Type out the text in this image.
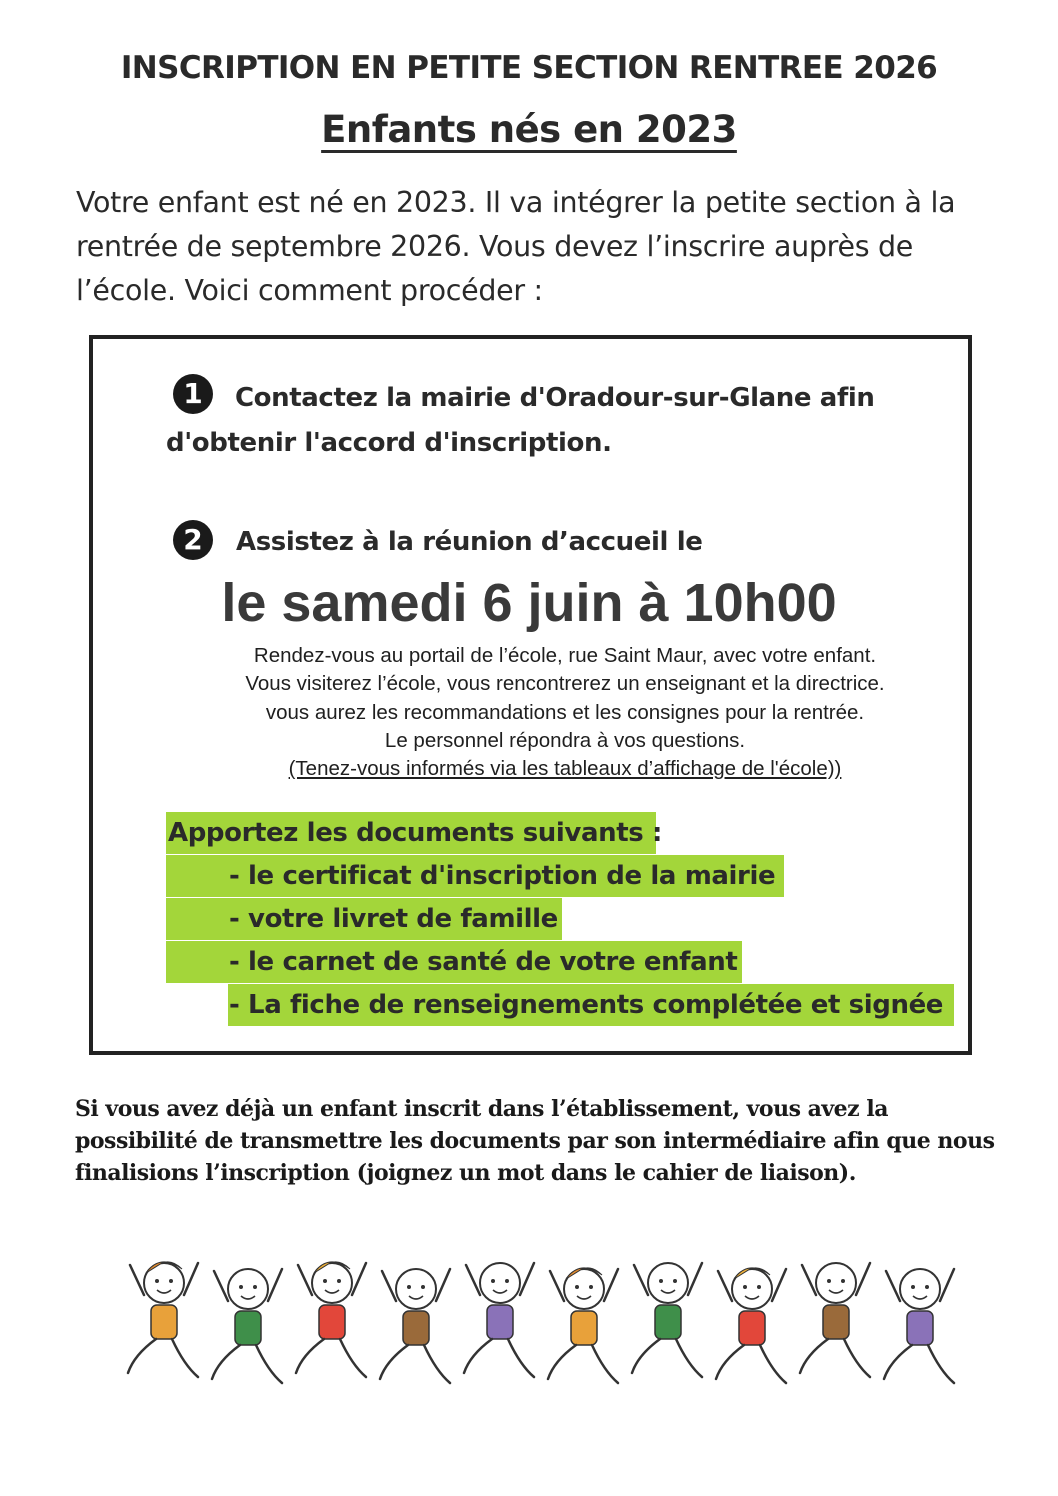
INSCRIPTION EN PETITE SECTION RENTREE 2026
Enfants nés en 2023
Votre enfant est né en 2023. Il va intégrer la petite section à la
rentrée de septembre 2026. Vous devez l’inscrire auprès de
l’école. Voici comment procéder :
1	Contactez la mairie d'Oradour-sur-Glane afin
d'obtenir l'accord d'inscription.
2	Assistez à la réunion d’accueil le
le samedi 6 juin à 10h00
Rendez-vous au portail de l’école, rue Saint Maur, avec votre enfant.
Vous visiterez l’école, vous rencontrerez un enseignant et la directrice.
vous aurez les recommandations et les consignes pour la rentrée.
Le personnel répondra à vos questions.
(Tenez-vous informés via les tableaux d’affichage de l'école))
Apportez les documents suivants :
- le certificat d'inscription de la mairie
- votre livret de famille
- le carnet de santé de votre enfant
- La fiche de renseignements complétée et signée
Si vous avez déjà un enfant inscrit dans l’établissement, vous avez la
possibilité de transmettre les documents par son intermédiaire afin que nous
finalisions l’inscription (joignez un mot dans le cahier de liaison).
